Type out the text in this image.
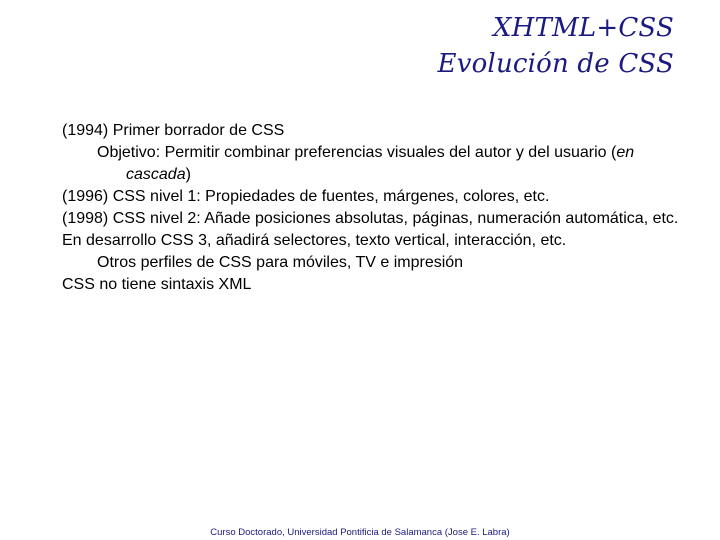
XHTML+CSS
Evolución de CSS

(1994) Primer borrador de CSS

Objetivo: Permitir combinar preferencias visuales del autor y del usuario (en cascada)

(1996) CSS nivel 1: Propiedades de fuentes, márgenes, colores, etc.

(1998) CSS nivel 2: Añade posiciones absolutas, páginas, numeración automática, etc.

En desarrollo CSS 3, añadirá selectores, texto vertical, interacción, etc.

Otros perfiles de CSS para móviles, TV e impresión

CSS no tiene sintaxis XML

Curso Doctorado, Universidad Pontificia de Salamanca (Jose E. Labra)
